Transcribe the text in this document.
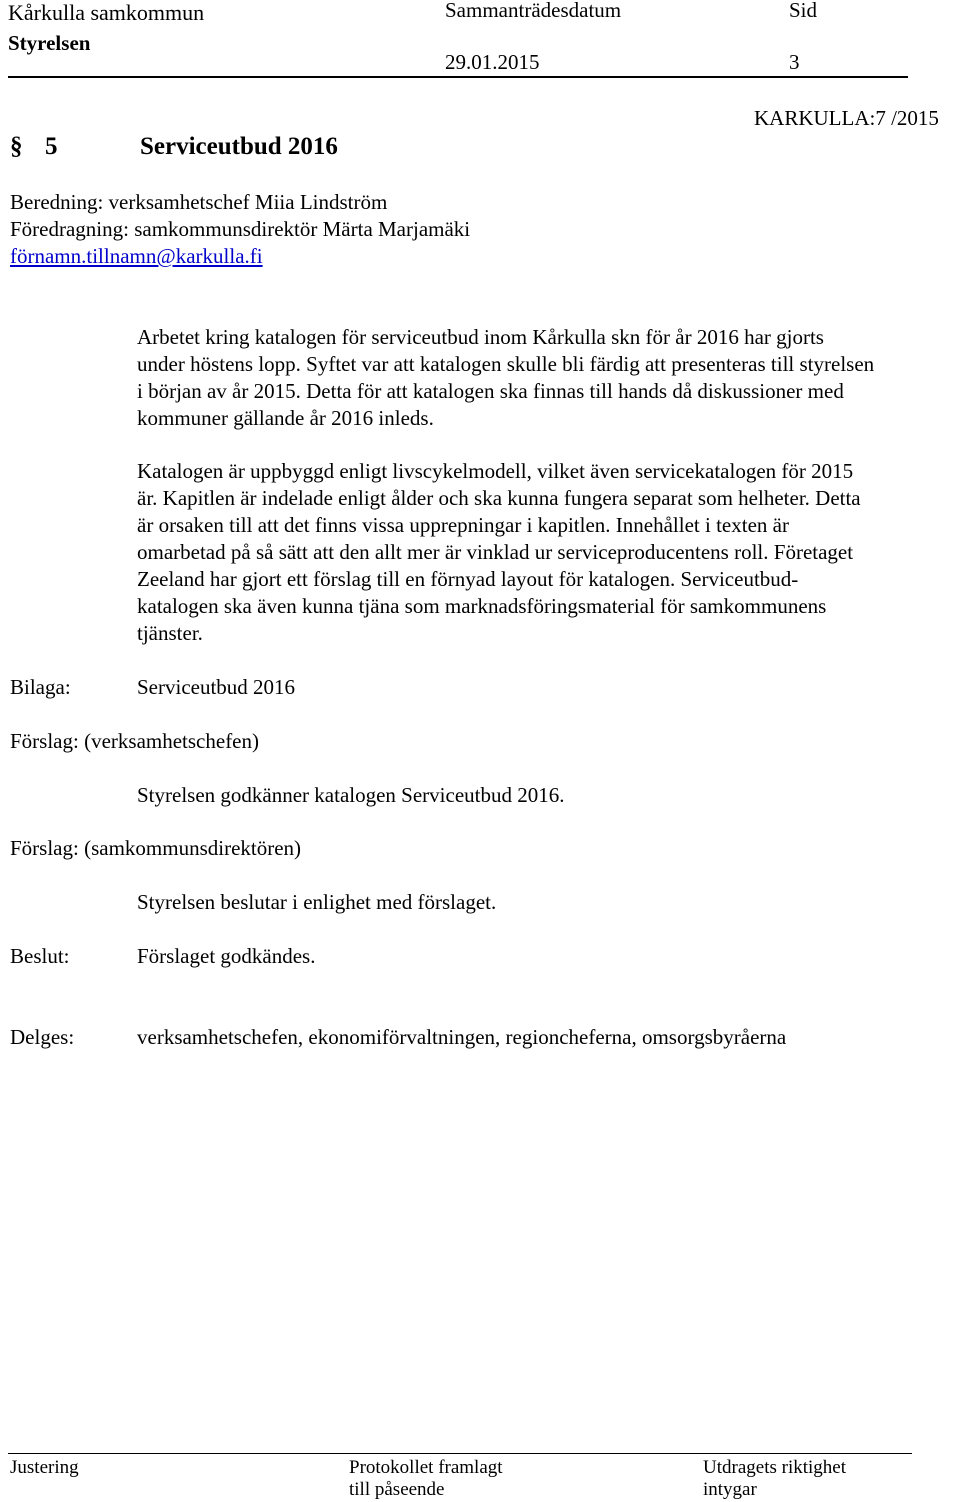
Kårkulla samkommun
Styrelsen
Sammanträdesdatum
29.01.2015
Sid
3
KARKULLA:7 /2015
§ 5	Serviceutbud 2016
Beredning: verksamhetschef Miia Lindström
Föredragning: samkommunsdirektör Märta Marjamäki
förnamn.tillnamn@karkulla.fi
Arbetet kring katalogen för serviceutbud inom Kårkulla skn för år 2016 har gjorts
under höstens lopp. Syftet var att katalogen skulle bli färdig att presenteras till styrelsen
i början av år 2015. Detta för att katalogen ska finnas till hands då diskussioner med
kommuner gällande år 2016 inleds.
Katalogen är uppbyggd enligt livscykelmodell, vilket även servicekatalogen för 2015
är. Kapitlen är indelade enligt ålder och ska kunna fungera separat som helheter. Detta
är orsaken till att det finns vissa upprepningar i kapitlen. Innehållet i texten är
omarbetad på så sätt att den allt mer är vinklad ur serviceproducentens roll. Företaget
Zeeland har gjort ett förslag till en förnyad layout för katalogen. Serviceutbud-
katalogen ska även kunna tjäna som marknadsföringsmaterial för samkommunens
tjänster.
Bilaga:	Serviceutbud 2016
Förslag: (verksamhetschefen)
Styrelsen godkänner katalogen Serviceutbud 2016.
Förslag: (samkommunsdirektören)
Styrelsen beslutar i enlighet med förslaget.
Beslut:	Förslaget godkändes.
Delges:	verksamhetschefen, ekonomiförvaltningen, regioncheferna, omsorgsbyråerna
Justering	Protokollet framlagt
till påseende
Utdragets riktighet
intygar
